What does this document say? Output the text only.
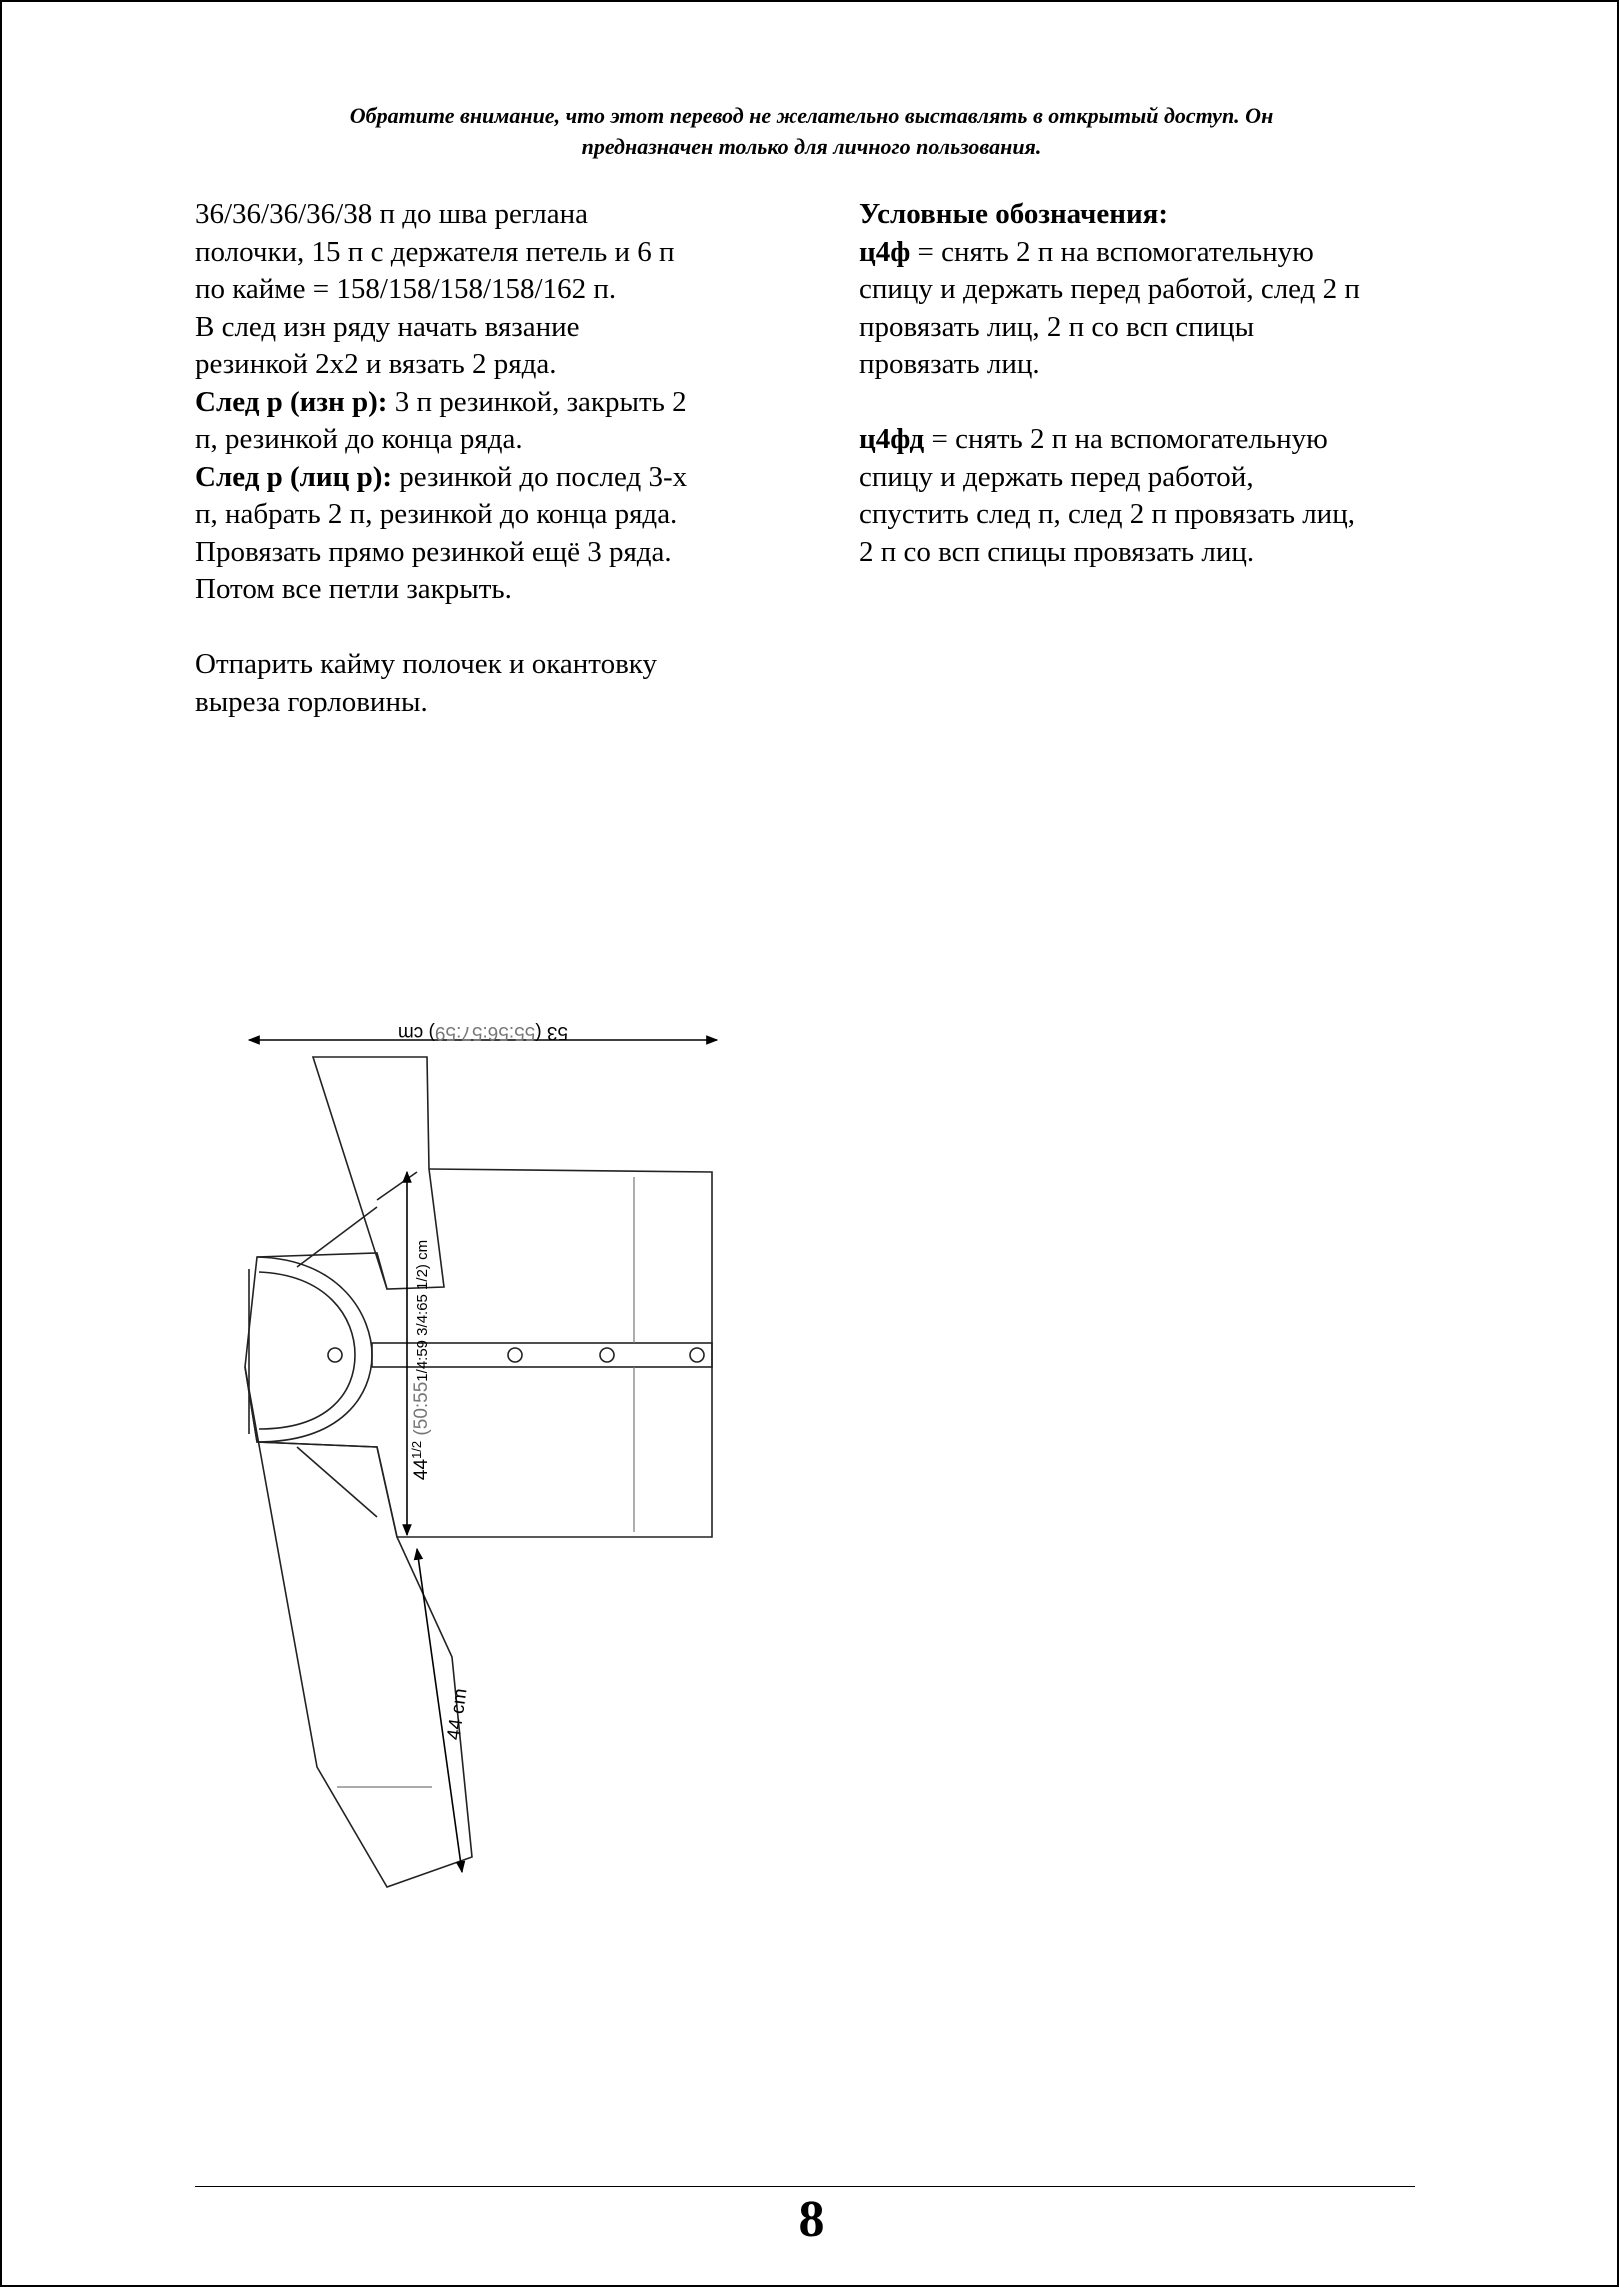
Обратите внимание, что этот перевод не желательно выставлять в открытый доступ. Он
предназначен только для личного пользования.

36/36/36/36/38 п до шва реглана

полочки, 15 п с держателя петель и 6 п

по кайме = 158/158/158/158/162 п.

В след изн ряду начать вязание

резинкой 2х2 и вязать 2 ряда.

След р (изн р): 3 п резинкой, закрыть 2

п, резинкой до конца ряда.

След р (лиц р): резинкой до послед 3-х

п, набрать 2 п, резинкой до конца ряда.

Провязать прямо резинкой ещё 3 ряда.

Потом все петли закрыть.

Отпарить кайму полочек и окантовку

выреза горловины.

Условные обозначения:

ц4ф = снять 2 п на вспомогательную

спицу и держать перед работой, след 2 п

провязать лиц, 2 п со всп спицы

провязать лиц.

ц4фд = снять 2 п на вспомогательную

спицу и держать перед работой,

спустить след п, след 2 п провязать лиц,

2 п со всп спицы провязать лиц.

53 (55:56:57:59) cm
$44^{1/2}$ (50:551/4:59 3/4:65 1/2) cm
44 cm
8
